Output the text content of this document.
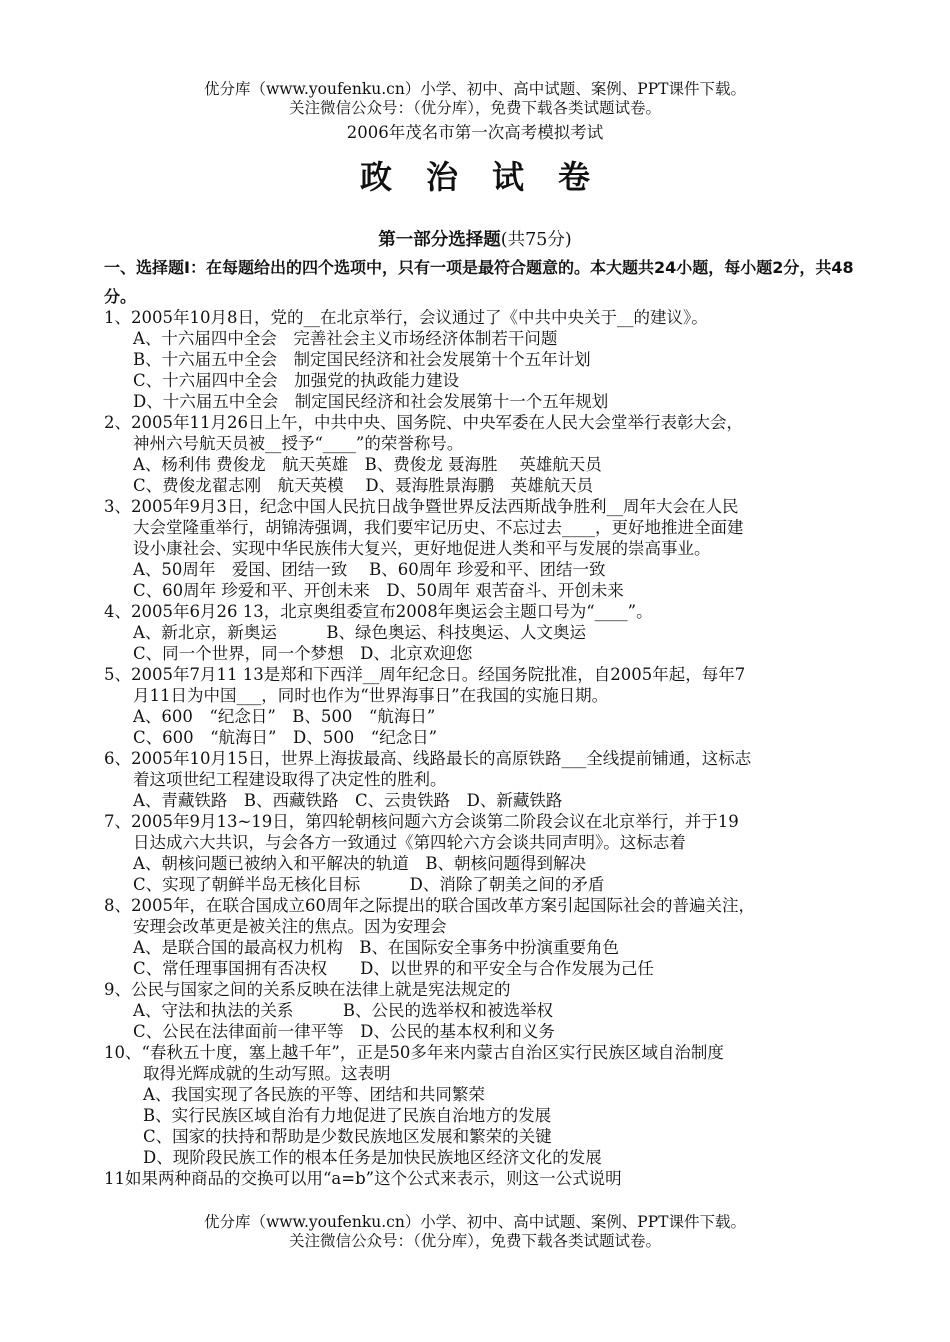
优分库（www.youfenku.cn）小学、初中、高中试题、案例、PPT课件下载。
关注微信公众号：（优分库），免费下载各类试题试卷。
2006年茂名市第一次高考模拟考试
政治试卷
第一部分选择题(共75分)
一、选择题Ⅰ：在每题给出的四个选项中，只有一项是最符合题意的。本大题共24小题，每小题2分，共48分。
1、2005年10月8日，党的__在北京举行，会议通过了《中共中央关于__的建议》。
A、十六届四中全会　完善社会主义市场经济体制若干问题
B、十六届五中全会　制定国民经济和社会发展第十个五年计划
C、十六届四中全会　加强党的执政能力建设
D、十六届五中全会　制定国民经济和社会发展第十一个五年规划
2、2005年11月26日上午，中共中央、国务院、中央军委在人民大会堂举行表彰大会，
神州六号航天员被__授予“____”的荣誉称号。
A、杨利伟 费俊龙　航天英雄　B、费俊龙 聂海胜　 英雄航天员
C、费俊龙翟志刚　航天英模　 D、聂海胜景海鹏　英雄航天员
3、2005年9月3日，纪念中国人民抗日战争暨世界反法西斯战争胜利__周年大会在人民
大会堂隆重举行，胡锦涛强调，我们要牢记历史、不忘过去____，更好地推进全面建
设小康社会、实现中华民族伟大复兴，更好地促进人类和平与发展的崇高事业。
A、50周年　爱国、团结一致　 B、60周年 珍爱和平、团结一致
C、60周年 珍爱和平、开创未来　D、50周年 艰苦奋斗、开创未来
4、2005年6月26 13，北京奥组委宣布2008年奥运会主题口号为“____”。
A、新北京，新奥运　　　B、绿色奥运、科技奥运、人文奥运
C、同一个世界，同一个梦想　D、北京欢迎您
5、2005年7月11 13是郑和下西洋__周年纪念日。经国务院批准，自2005年起，每年7
月11日为中国___，同时也作为“世界海事日”在我国的实施日期。
A、600　“纪念日”　B、500　“航海日”
C、600　“航海日”　D、500　“纪念日”
6、2005年10月15日，世界上海拔最高、线路最长的高原铁路___全线提前铺通，这标志
着这项世纪工程建设取得了决定性的胜利。
A、青藏铁路　B、西藏铁路　C、云贵铁路　D、新藏铁路
7、2005年9月13~19日，第四轮朝核问题六方会谈第二阶段会议在北京举行，并于19
日达成六大共识，与会各方一致通过《第四轮六方会谈共同声明》。这标志着
A、朝核问题已被纳入和平解决的轨道　B、朝核问题得到解决
C、实现了朝鲜半岛无核化目标　　　D、消除了朝美之间的矛盾
8、2005年，在联合国成立60周年之际提出的联合国改革方案引起国际社会的普遍关注，
安理会改革更是被关注的焦点。因为安理会
A、是联合国的最高权力机构　B、在国际安全事务中扮演重要角色
C、常任理事国拥有否决权　　D、以世界的和平安全与合作发展为己任
9、公民与国家之间的关系反映在法律上就是宪法规定的
A、守法和执法的关系　　　B、公民的选举权和被选举权
C、公民在法律面前一律平等　D、公民的基本权利和义务
10、“春秋五十度，塞上越千年”，正是50多年来内蒙古自治区实行民族区域自治制度
取得光辉成就的生动写照。这表明
A、我国实现了各民族的平等、团结和共同繁荣
B、实行民族区域自治有力地促进了民族自治地方的发展
C、国家的扶持和帮助是少数民族地区发展和繁荣的关键
D、现阶段民族工作的根本任务是加快民族地区经济文化的发展
11如果两种商品的交换可以用“a=b”这个公式来表示，则这一公式说明
优分库（www.youfenku.cn）小学、初中、高中试题、案例、PPT课件下载。
关注微信公众号：（优分库），免费下载各类试题试卷。
